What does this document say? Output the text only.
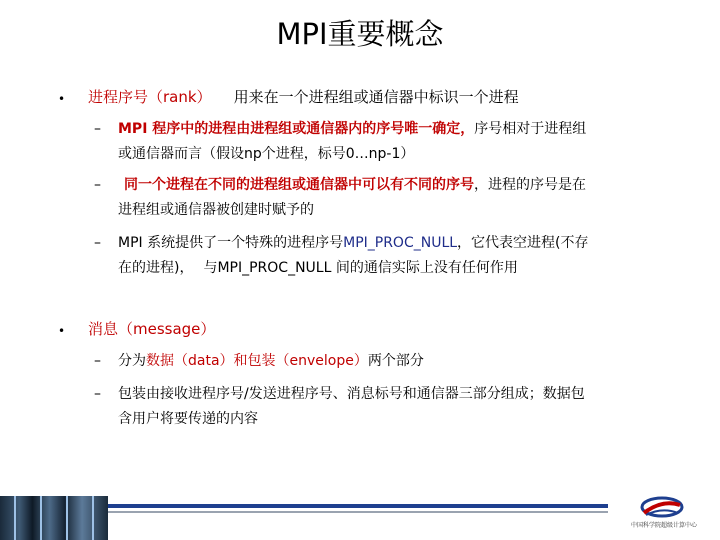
MPI重要概念
• 进程序号（rank） 用来在一个进程组或通信器中标识一个进程
– MPI 程序中的进程由进程组或通信器内的序号唯一确定，序号相对于进程组
或通信器而言（假设np个进程，标号0…np-1）
– 同一个进程在不同的进程组或通信器中可以有不同的序号，进程的序号是在
进程组或通信器被创建时赋予的
– MPI 系统提供了一个特殊的进程序号MPI_PROC_NULL，它代表空进程(不存
在的进程)， 与MPI_PROC_NULL 间的通信实际上没有任何作用
• 消息（message）
– 分为数据（data）和包装（envelope）两个部分
– 包装由接收进程序号/发送进程序号、消息标号和通信器三部分组成；数据包
含用户将要传递的内容
中国科学院超级计算中心
